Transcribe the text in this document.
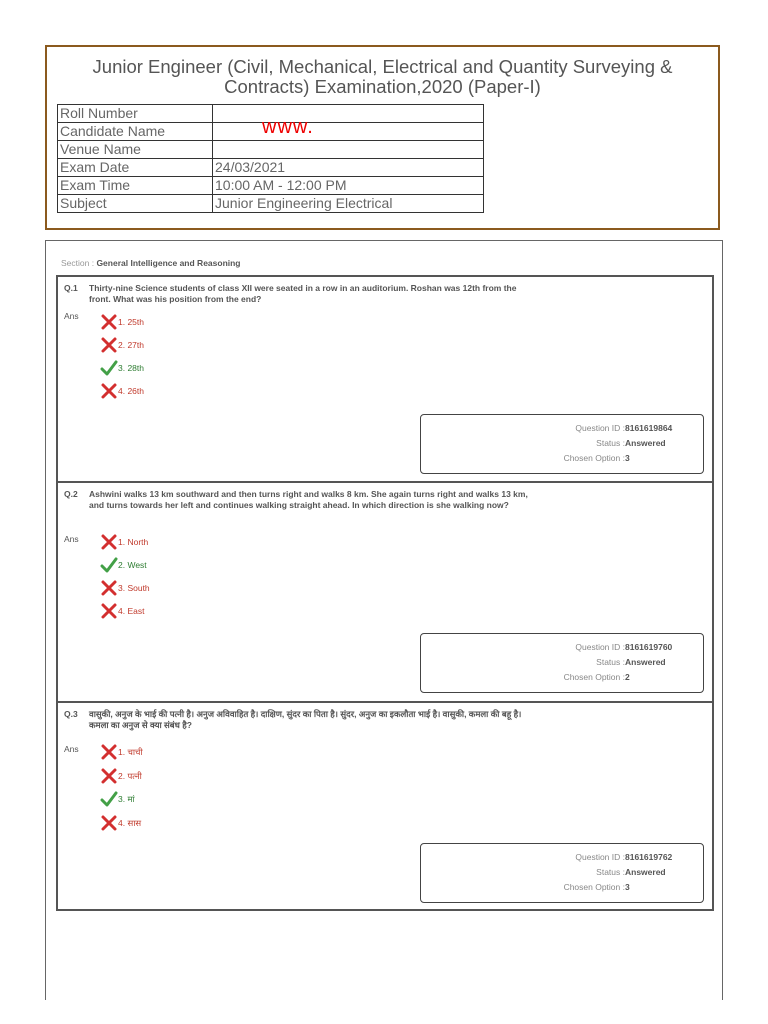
Junior Engineer (Civil, Mechanical, Electrical and Quantity Surveying &
Contracts) Examination,2020 (Paper-I)
Roll Number	
Candidate Name	
Venue Name	
Exam Date	24/03/2021
Exam Time	10:00 AM - 12:00 PM
Subject	Junior Engineering Electrical
www.
Section : General Intelligence and Reasoning
Q.1 Thirty-nine Science students of class XII were seated in a row in an auditorium. Roshan was 12th from the front. What was his position from the end?
Ans
1. 25th
2. 27th
3. 28th
4. 26th
Question ID : 8161619864
Status : Answered
Chosen Option : 3
Q.2 Ashwini walks 13 km southward and then turns right and walks 8 km. She again turns right and walks 13 km, and turns towards her left and continues walking straight ahead. In which direction is she walking now?
Ans	1. North
2. West
3. South
4. East
Question ID : 8161619760
Status : Answered
Chosen Option : 2
Q.3 वासुकी, अनुज के भाई की पत्नी है। अनुज अविवाहित है। दाक्षिण, सुंदर का पिता है। सुंदर, अनुज का इकलौता भाई है। वासुकी, कमला की बहू है। कमला का अनुज से क्या संबंध है?
Ans	1. चाची
2. पत्नी
3. मां
4. सास
Question ID : 8161619762
Status : Answered
Chosen Option : 3
